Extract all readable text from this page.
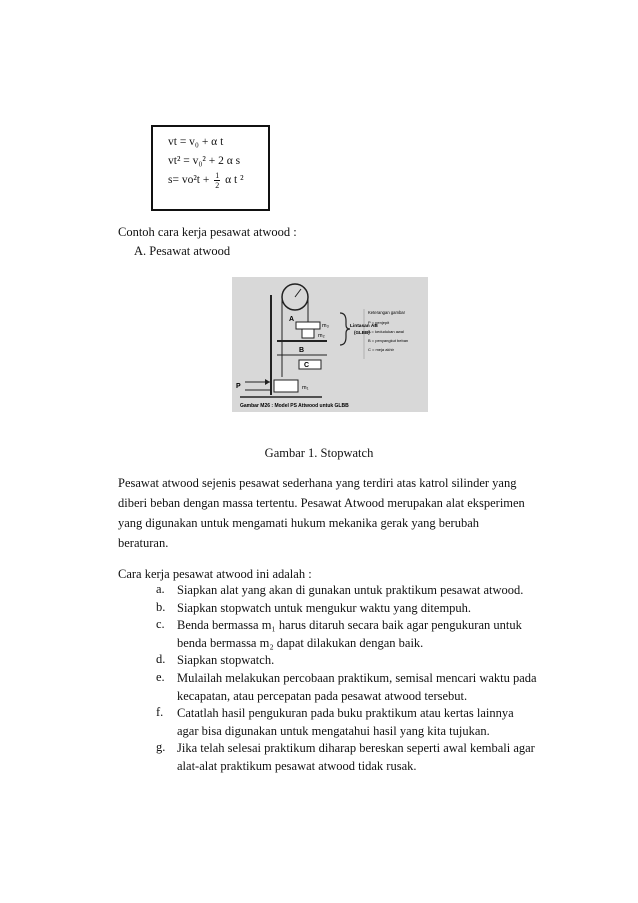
vt = v₀ + α t
vt² = v₀² + 2 α s
$s= vo^2t + \frac{1}{2}$ α t ²
Contoh cara kerja pesawat atwood :
A. Pesawat atwood
A
B
C
P
m₃
m₂
m₁
Lintasan AB
(GLBB)
Keterangan gambar
P = penjepit
A = kedudukan awal
B = penyangkut beban
C = meja akhir
Gambar M26 : Model PS Attwood untuk GLBB
Gambar 1. Stopwatch
Pesawat atwood sejenis pesawat sederhana yang terdiri atas katrol silinder yang
diberi beban dengan massa tertentu. Pesawat Atwood merupakan alat eksperimen
yang digunakan untuk mengamati hukum mekanika gerak yang berubah
beraturan.
Cara kerja pesawat atwood ini adalah :
a. Siapkan alat yang akan di gunakan untuk praktikum pesawat atwood.
b. Siapkan stopwatch untuk mengukur waktu yang ditempuh.
c. Benda bermassa m₁ harus ditaruh secara baik agar pengukuran untuk
benda bermassa m₂ dapat dilakukan dengan baik.
d. Siapkan stopwatch.
e. Mulailah melakukan percobaan praktikum, semisal mencari waktu pada
kecapatan, atau percepatan pada pesawat atwood tersebut.
f.	Catatlah hasil pengukuran pada buku praktikum atau kertas lainnya
agar bisa digunakan untuk mengatahui hasil yang kita tujukan.
g. Jika telah selesai praktikum diharap bereskan seperti awal kembali agar
alat-alat praktikum pesawat atwood tidak rusak.
